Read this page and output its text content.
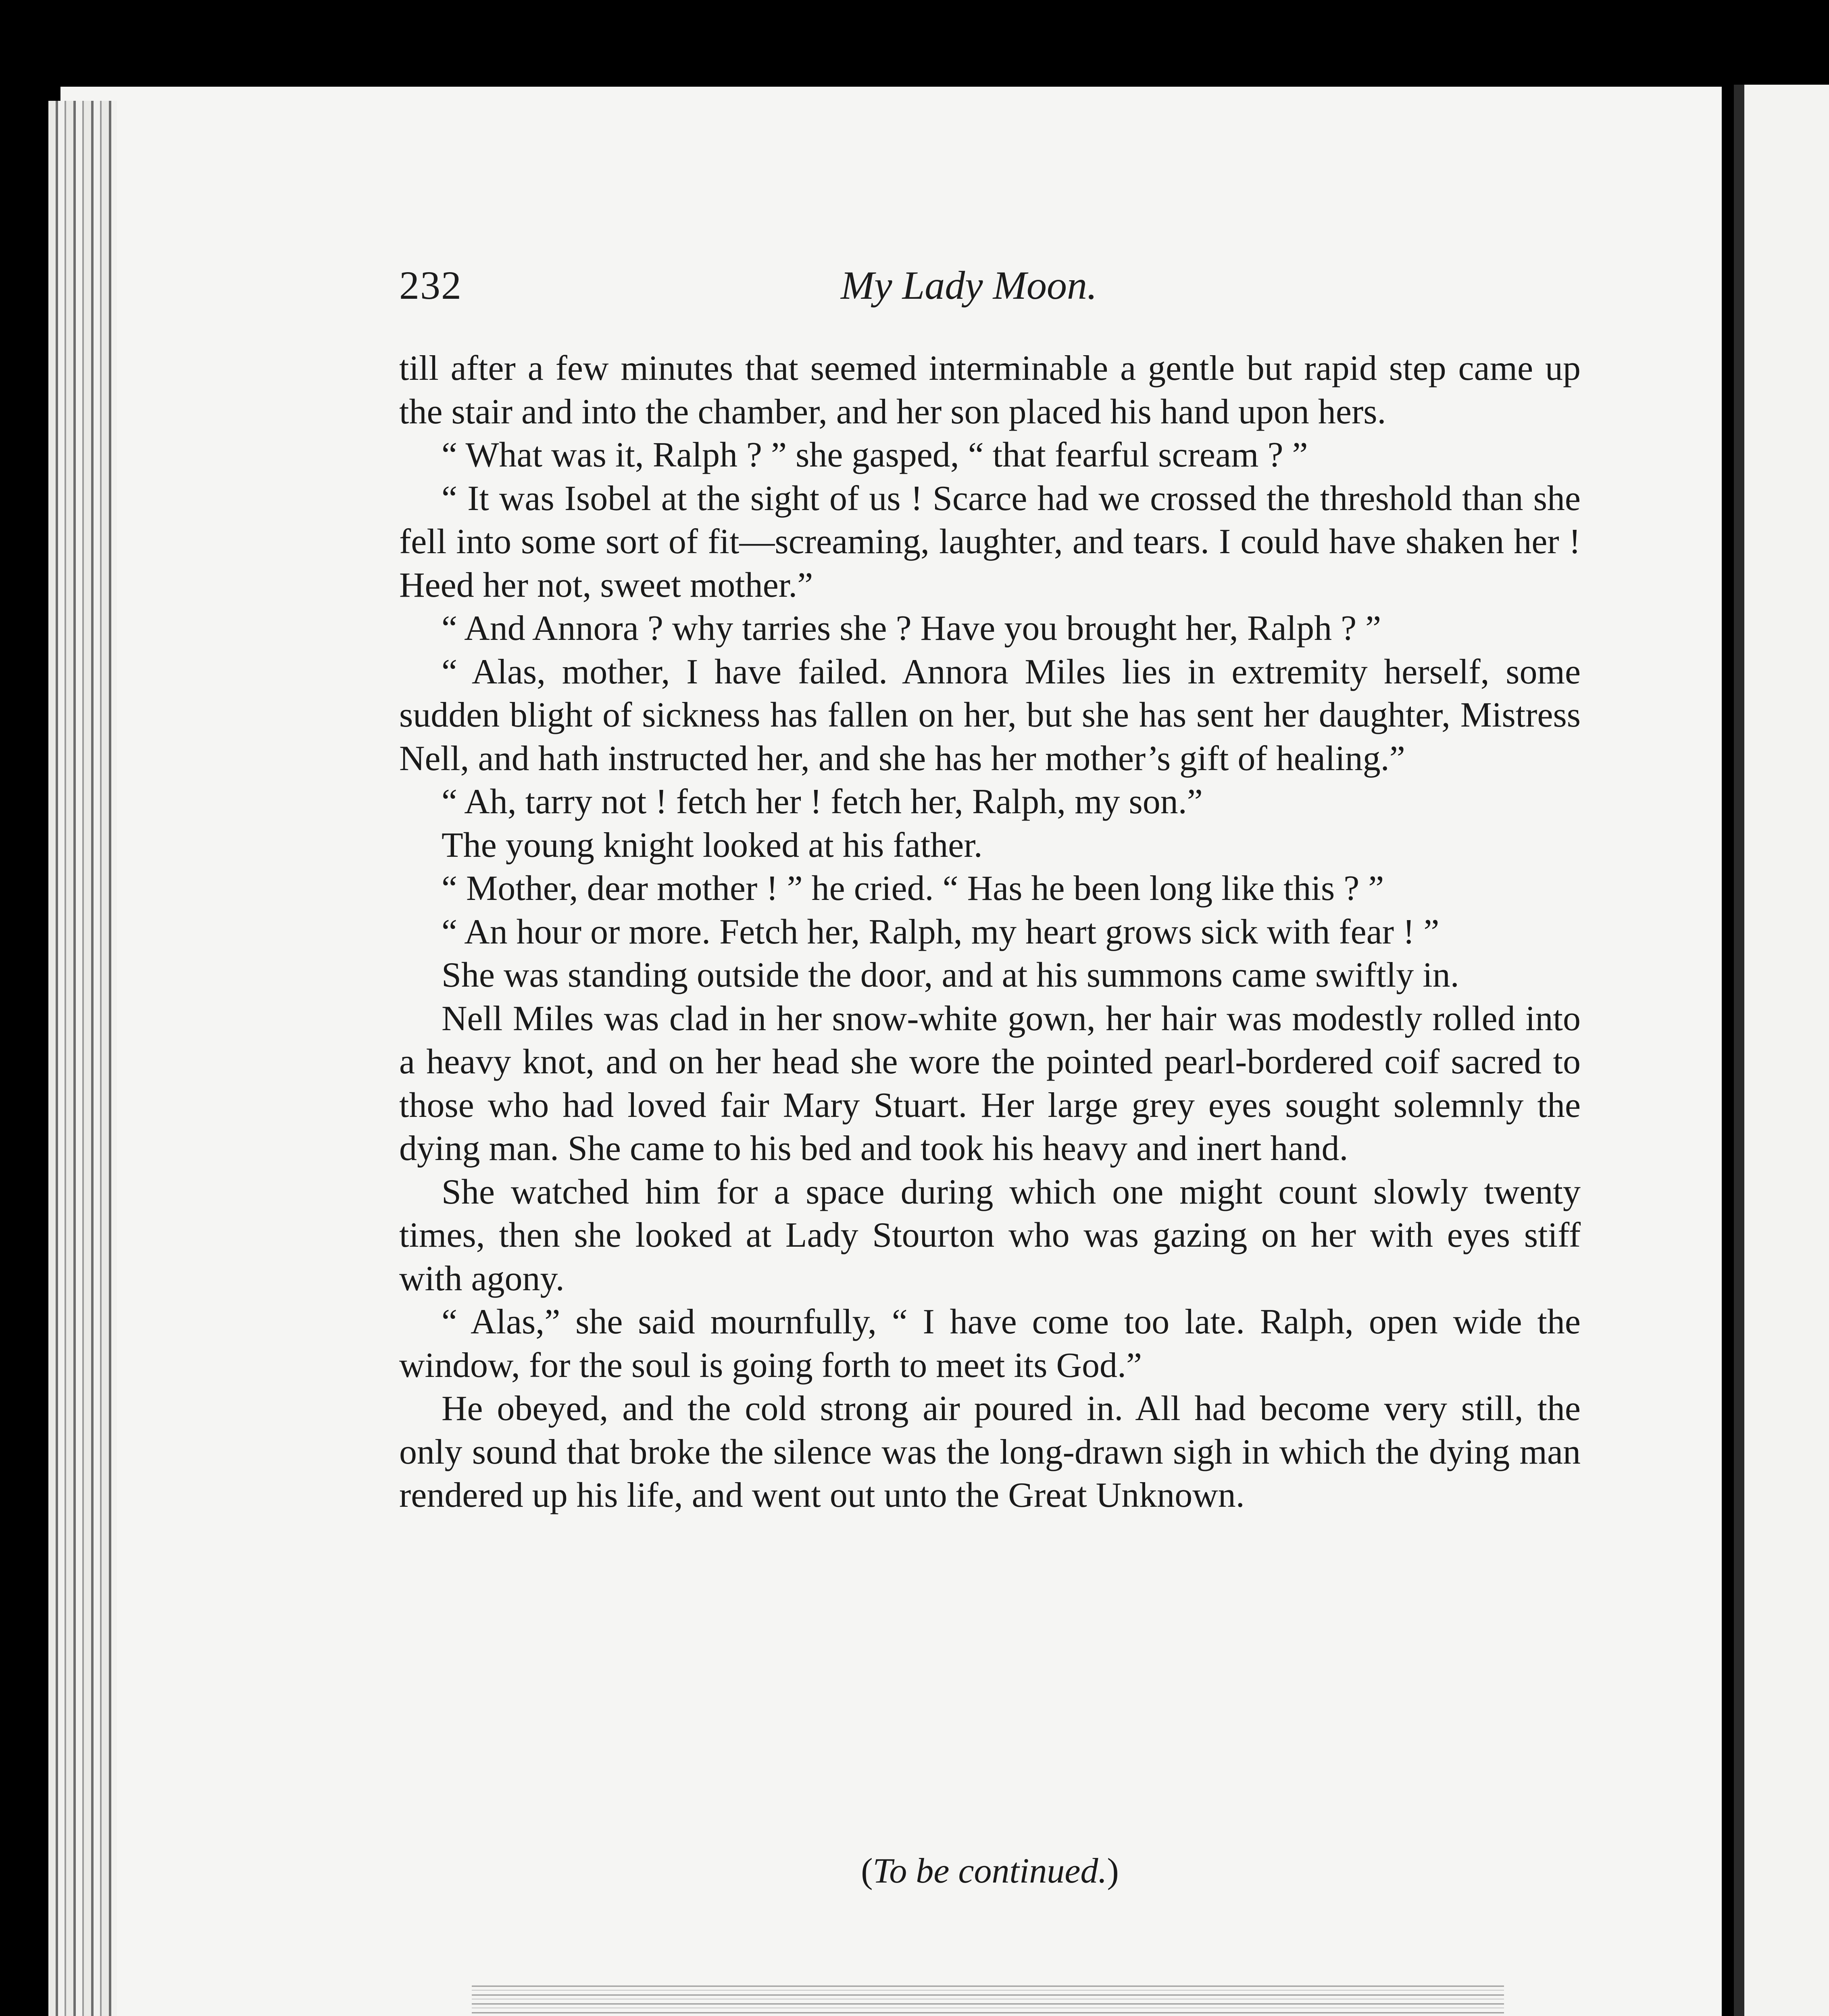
232	My Lady Moon.

till after a few minutes that seemed interminable a gentle but rapid step came up the stair and into the chamber, and her son placed his hand upon hers.

“ What was it, Ralph ? ” she gasped, “ that fearful scream ? ”

“ It was Isobel at the sight of us ! Scarce had we crossed the threshold than she fell into some sort of fit—screaming, laughter, and tears. I could have shaken her ! Heed her not, sweet mother.”

“ And Annora ? why tarries she ? Have you brought her, Ralph ? ”

“ Alas, mother, I have failed. Annora Miles lies in extremity herself, some sudden blight of sickness has fallen on her, but she has sent her daughter, Mistress Nell, and hath instructed her, and she has her mother’s gift of healing.”

“ Ah, tarry not ! fetch her ! fetch her, Ralph, my son.”

The young knight looked at his father.

“ Mother, dear mother ! ” he cried. “ Has he been long like this ? ”

“ An hour or more. Fetch her, Ralph, my heart grows sick with fear ! ”

She was standing outside the door, and at his summons came swiftly in.

Nell Miles was clad in her snow-white gown, her hair was modestly rolled into a heavy knot, and on her head she wore the pointed pearl-bordered coif sacred to those who had loved fair Mary Stuart. Her large grey eyes sought solemnly the dying man. She came to his bed and took his heavy and inert hand.

She watched him for a space during which one might count slowly twenty times, then she looked at Lady Stourton who was gazing on her with eyes stiff with agony.

“ Alas,” she said mournfully, “ I have come too late. Ralph, open wide the window, for the soul is going forth to meet its God.”

He obeyed, and the cold strong air poured in. All had become very still, the only sound that broke the silence was the long-drawn sigh in which the dying man rendered up his life, and went out unto the Great Unknown.

(To be continued.)
